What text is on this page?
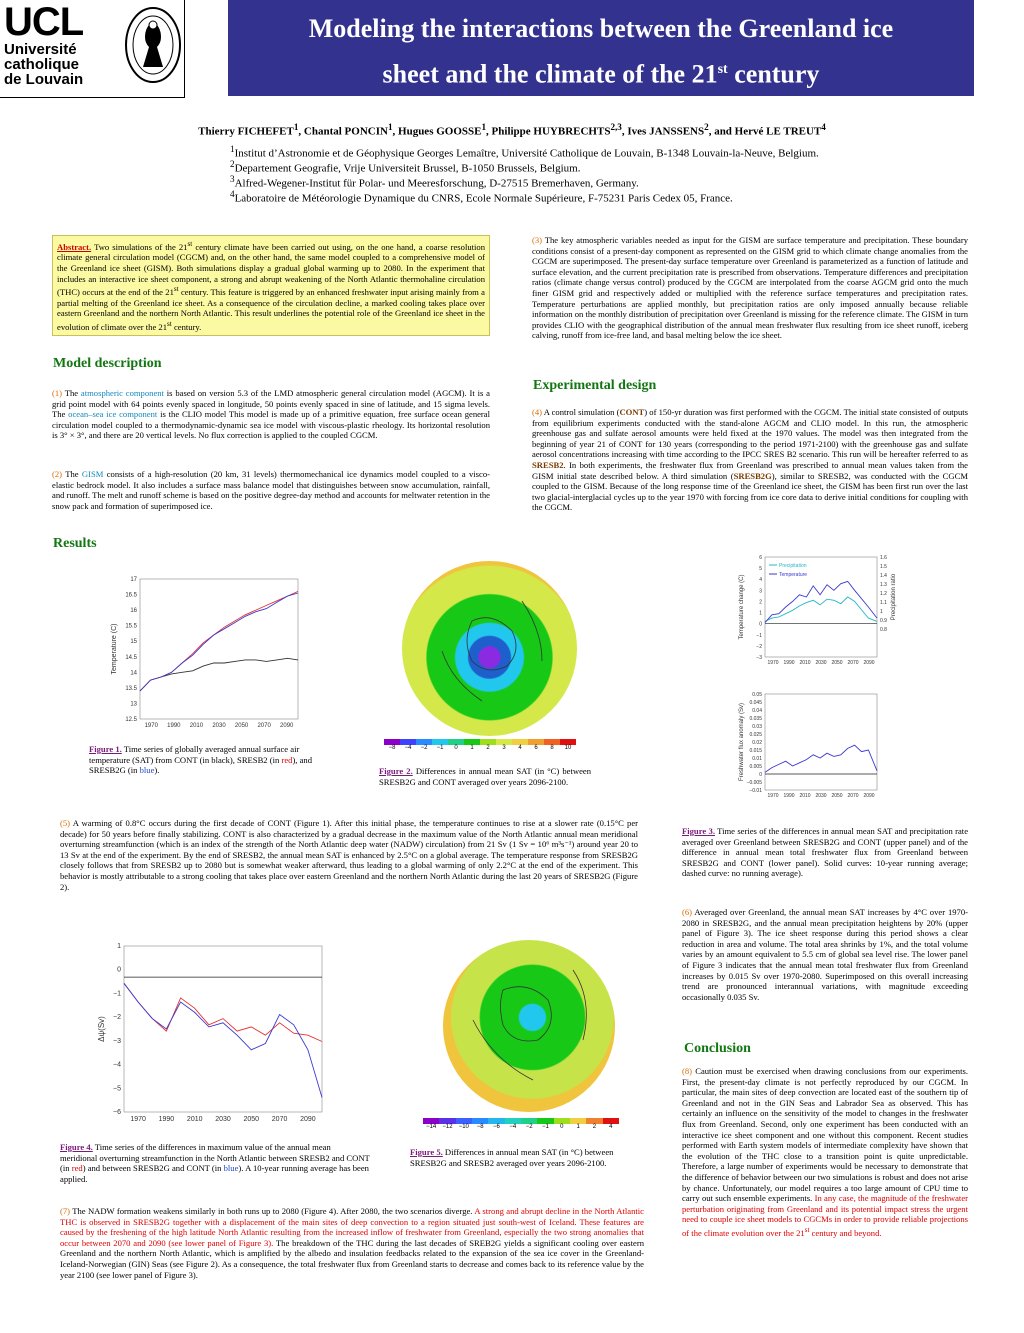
UCL
Université
catholique
de Louvain
Modeling the interactions between the Greenland ice
sheet and the climate of the 21st century
Thierry FICHEFET$^1$, Chantal PONCIN$^1$, Hugues GOOSSE$^1$, Philippe HUYBRECHTS$^{2,3}$, Ives JANSSENS$^2$, and Hervé LE TREUT$^4$
$^1$Institut d’Astronomie et de Géophysique Georges Lemaître, Université Catholique de Louvain, B-1348 Louvain-la-Neuve, Belgium.
$^2$Departement Geografie, Vrije Universiteit Brussel, B-1050 Brussels, Belgium.
$^3$Alfred-Wegener-Institut für Polar- und Meeresforschung, D-27515 Bremerhaven, Germany.
$^4$Laboratoire de Météorologie Dynamique du CNRS, Ecole Normale Supérieure, F-75231 Paris Cedex 05, France.
Abstract. Two simulations of the 21st century climate have been carried out using, on the one hand, a coarse resolution climate general circulation model (CGCM) and, on the other hand, the same model coupled to a comprehensive model of the Greenland ice sheet (GISM). Both simulations display a gradual global warming up to 2080. In the experiment that includes an interactive ice sheet component, a strong and abrupt weakening of the North Atlantic thermohaline circulation (THC) occurs at the end of the 21st century. This feature is triggered by an enhanced freshwater input arising mainly from a partial melting of the Greenland ice sheet. As a consequence of the circulation decline, a marked cooling takes place over eastern Greenland and the northern North Atlantic. This result underlines the potential role of the Greenland ice sheet in the evolution of climate over the 21st century.
Model description
(1) The atmospheric component is based on version 5.3 of the LMD atmospheric general circulation model (AGCM). It is a grid point model with 64 points evenly spaced in longitude, 50 points evenly spaced in sine of latitude, and 15 sigma levels. The ocean–sea ice component is the CLIO model This model is made up of a primitive equation, free surface ocean general circulation model coupled to a thermodynamic-dynamic sea ice model with viscous-plastic rheology. Its horizontal resolution is 3° × 3°, and there are 20 vertical levels. No flux correction is applied to the coupled CGCM.
(2) The GISM consists of a high-resolution (20 km, 31 levels) thermomechanical ice dynamics model coupled to a visco-elastic bedrock model. It also includes a surface mass balance model that distinguishes between snow accumulation, rainfall, and runoff. The melt and runoff scheme is based on the positive degree-day method and accounts for meltwater retention in the snow pack and formation of superimposed ice.
(3) The key atmospheric variables needed as input for the GISM are surface temperature and precipitation. These boundary conditions consist of a present-day component as represented on the GISM grid to which climate change anomalies from the CGCM are superimposed. The present-day surface temperature over Greenland is parameterized as a function of latitude and surface elevation, and the current precipitation rate is prescribed from observations. Temperature differences and precipitation ratios (climate change versus control) produced by the CGCM are interpolated from the coarse AGCM grid onto the much finer GISM grid and respectively added or multiplied with the reference surface temperatures and precipitation rates. Temperature perturbations are applied monthly, but precipitation ratios are only imposed annually because reliable information on the monthly distribution of precipitation over Greenland is missing for the reference climate. The GISM in turn provides CLIO with the geographical distribution of the annual mean freshwater flux resulting from ice sheet runoff, iceberg calving, runoff from ice-free land, and basal melting below the ice sheet.
Experimental design
(4) A control simulation (CONT) of 150-yr duration was first performed with the CGCM. The initial state consisted of outputs from equilibrium experiments conducted with the stand-alone AGCM and CLIO model. In this run, the atmospheric greenhouse gas and sulfate aerosol amounts were held fixed at the 1970 values. The model was then integrated from the beginning of year 21 of CONT for 130 years (corresponding to the period 1971-2100) with the greenhouse gas and sulfate aerosol concentrations increasing with time according to the IPCC SRES B2 scenario. This run will be hereafter referred to as SRESB2. In both experiments, the freshwater flux from Greenland was prescribed to annual mean values taken from the GISM initial state described below. A third simulation (SRESB2G), similar to SRESB2, was conducted with the CGCM coupled to the GISM. Because of the long response time of the Greenland ice sheet, the GISM has been first run over the last two glacial-interglacial cycles up to the year 1970 with forcing from ice core data to derive initial conditions for coupling with the CGCM.
Results
17
16.5
16
15.5
15
14.5
14
13.5
13
12.5
1970 1990 2010 2030 2050 2070 2090
Temperature (C)
Figure 1. Time series of globally averaged annual surface air temperature (SAT) from CONT (in black), SRESB2 (in red), and SRESB2G (in blue).
−8	−4	−2	−1	0	1	2	3	4	6	8	10
Figure 2. Differences in annual mean SAT (in °C) between SRESB2G and CONT averaged over years 2096-2100.
6
5
4
3
2
1
0
−1
−2
−3
1970 1990 2010 2030 2050 2070 2090
Temperature change (C)
1.6
1.5
1.4
1.3
1.2
1.1
1
0.9
0.8
Precipitation ratio
Precipitation
Temperature
0.05
0.045
0.04
0.035
0.03
0.025
0.02
0.015
0.01
0.005
0
−0.005
−0.01
1970 1990 2010 2030 2050 2070 2090
Freshwater flux anomaly (Sv)
Figure 3. Time series of the differences in annual mean SAT and precipitation rate averaged over Greenland between SRESB2G and CONT (upper panel) and of the difference in annual mean total freshwater flux from Greenland between SRESB2G and CONT (lower panel). Solid curves: 10-year running average; dashed curve: no running average).
(5) A warming of 0.8°C occurs during the first decade of CONT (Figure 1). After this initial phase, the temperature continues to rise at a slower rate (0.15°C per decade) for 50 years before finally stabilizing. CONT is also characterized by a gradual decrease in the maximum value of the North Atlantic annual mean meridional overturning streamfunction (which is an index of the strength of the North Atlantic deep water (NADW) circulation) from 21 Sv (1 Sv = 10⁶ m³s⁻¹) around year 20 to 13 Sv at the end of the experiment. By the end of SRESB2, the annual mean SAT is enhanced by 2.5°C on a global average. The temperature response from SRESB2G closely follows that from SRESB2 up to 2080 but is somewhat weaker afterward, thus leading to a global warming of only 2.2°C at the end of the experiment. This behavior is mostly attributable to a strong cooling that takes place over eastern Greenland and the northern North Atlantic during the last 20 years of SRESB2G (Figure 2).
(6) Averaged over Greenland, the annual mean SAT increases by 4°C over 1970-2080 in SRESB2G, and the annual mean precipitation heightens by 20% (upper panel of Figure 3). The ice sheet response during this period shows a clear reduction in area and volume. The total area shrinks by 1%, and the total volume varies by an amount equivalent to 5.5 cm of global sea level rise. The lower panel of Figure 3 indicates that the annual mean total freshwater flux from Greenland increases by 0.015 Sv over 1970-2080. Superimposed on this overall increasing trend are pronounced interannual variations, with magnitude exceeding occasionally 0.035 Sv.
1
0
−1
−2
−3
−4
−5
−6
1970 1990 2010 2030 2050 2070 2090
Δψ(Sv)
Figure 4. Time series of the differences in maximum value of the annual mean meridional overturning streamfunction in the North Atlantic between SRESB2 and CONT (in red) and between SRESB2G and CONT (in blue). A 10-year running average has been applied.
−14	−12	−10	−8	−6	−4	−2	−1	0	1	2	4
Figure 5. Differences in annual mean SAT (in °C) between SRESB2G and SRESB2 averaged over years 2096-2100.
(7) The NADW formation weakens similarly in both runs up to 2080 (Figure 4). After 2080, the two scenarios diverge. A strong and abrupt decline in the North Atlantic THC is observed in SRESB2G together with a displacement of the main sites of deep convection to a region situated just south-west of Iceland. These features are caused by the freshening of the high latitude North Atlantic resulting from the increased inflow of freshwater from Greenland, especially the two strong anomalies that occur between 2070 and 2090 (see lower panel of Figure 3). The breakdown of the THC during the last decades of SREB2G yields a significant cooling over eastern Greenland and the northern North Atlantic, which is amplified by the albedo and insulation feedbacks related to the expansion of the sea ice cover in the Greenland-Iceland-Norwegian (GIN) Seas (see Figure 2). As a consequence, the total freshwater flux from Greenland starts to decrease and comes back to its reference value by the year 2100 (see lower panel of Figure 3).
Conclusion
(8) Caution must be exercised when drawing conclusions from our experiments. First, the present-day climate is not perfectly reproduced by our CGCM. In particular, the main sites of deep convection are located east of the southern tip of Greenland and not in the GIN Seas and Labrador Sea as observed. This has certainly an influence on the sensitivity of the model to changes in the freshwater flux from Greenland. Second, only one experiment has been conducted with an interactive ice sheet component and one without this component. Recent studies performed with Earth system models of intermediate complexity have shown that the evolution of the THC close to a transition point is quite unpredictable. Therefore, a large number of experiments would be necessary to demonstrate that the difference of behavior between our two simulations is robust and does not arise by chance. Unfortunately, our model requires a too large amount of CPU time to carry out such ensemble experiments. In any case, the magnitude of the freshwater perturbation originating from Greenland and its potential impact stress the urgent need to couple ice sheet models to CGCMs in order to provide reliable projections of the climate evolution over the 21st century and beyond.
